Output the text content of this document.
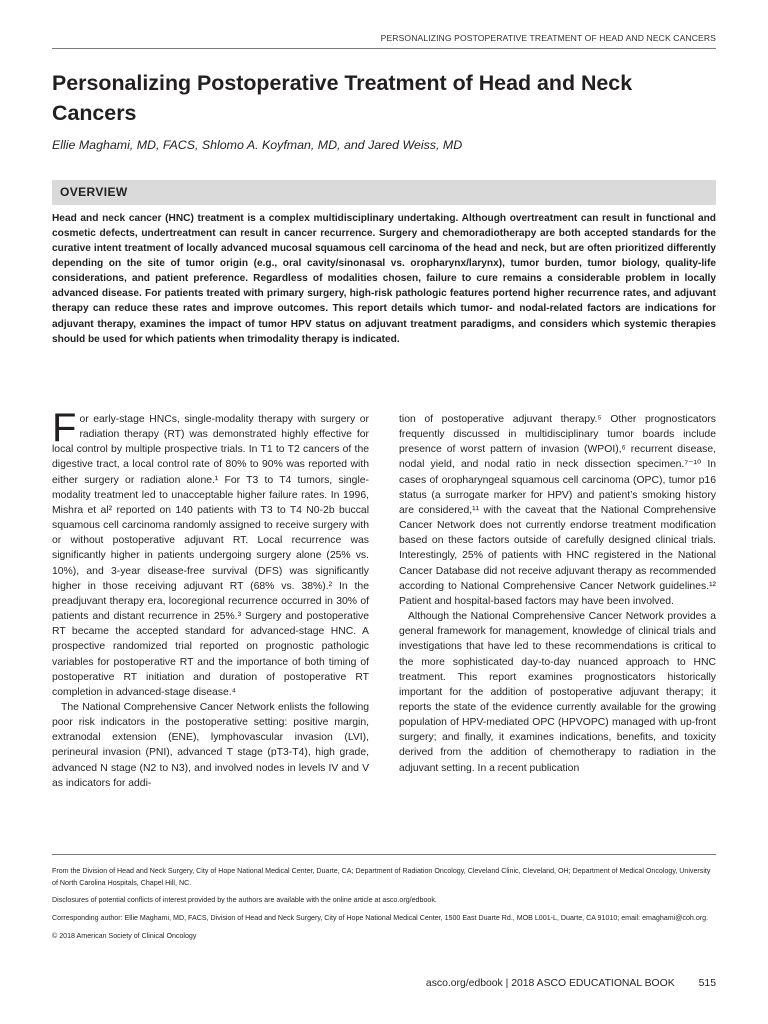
PERSONALIZING POSTOPERATIVE TREATMENT OF HEAD AND NECK CANCERS
Personalizing Postoperative Treatment of Head and Neck Cancers

Ellie Maghami, MD, FACS, Shlomo A. Koyfman, MD, and Jared Weiss, MD

OVERVIEW

Head and neck cancer (HNC) treatment is a complex multidisciplinary undertaking. Although overtreatment can result in functional and cosmetic defects, undertreatment can result in cancer recurrence. Surgery and chemoradiotherapy are both accepted standards for the curative intent treatment of locally advanced mucosal squamous cell carcinoma of the head and neck, but are often prioritized differently depending on the site of tumor origin (e.g., oral cavity/sinonasal vs. oropharynx/larynx), tumor burden, tumor biology, quality-life considerations, and patient preference. Regardless of modalities chosen, failure to cure remains a considerable problem in locally advanced disease. For patients treated with primary surgery, high-risk pathologic features portend higher recurrence rates, and adjuvant therapy can reduce these rates and improve outcomes. This report details which tumor- and nodal-related factors are indications for adjuvant therapy, examines the impact of tumor HPV status on adjuvant treatment paradigms, and considers which systemic therapies should be used for which patients when trimodality therapy is indicated.

For early-stage HNCs, single-modality therapy with surgery or radiation therapy (RT) was demonstrated highly effective for local control by multiple prospective trials. In T1 to T2 cancers of the digestive tract, a local control rate of 80% to 90% was reported with either surgery or radiation alone.¹ For T3 to T4 tumors, single-modality treatment led to unacceptable higher failure rates. In 1996, Mishra et al² reported on 140 patients with T3 to T4 N0-2b buccal squamous cell carcinoma randomly assigned to receive surgery with or without postoperative adjuvant RT. Local recurrence was significantly higher in patients undergoing surgery alone (25% vs. 10%), and 3-year disease-free survival (DFS) was significantly higher in those receiving adjuvant RT (68% vs. 38%).² In the preadjuvant therapy era, locoregional recurrence occurred in 30% of patients and distant recurrence in 25%.³ Surgery and postoperative RT became the accepted standard for advanced-stage HNC. A prospective randomized trial reported on prognostic pathologic variables for postoperative RT and the importance of both timing of postoperative RT initiation and duration of postoperative RT completion in advanced-stage disease.⁴

The National Comprehensive Cancer Network enlists the following poor risk indicators in the postoperative setting: positive margin, extranodal extension (ENE), lymphovascular invasion (LVI), perineural invasion (PNI), advanced T stage (pT3-T4), high grade, advanced N stage (N2 to N3), and involved nodes in levels IV and V as indicators for addi-

tion of postoperative adjuvant therapy.⁵ Other prognosticators frequently discussed in multidisciplinary tumor boards include presence of worst pattern of invasion (WPOI),⁶ recurrent disease, nodal yield, and nodal ratio in neck dissection specimen.⁷⁻¹⁰ In cases of oropharyngeal squamous cell carcinoma (OPC), tumor p16 status (a surrogate marker for HPV) and patient’s smoking history are considered,¹¹ with the caveat that the National Comprehensive Cancer Network does not currently endorse treatment modification based on these factors outside of carefully designed clinical trials. Interestingly, 25% of patients with HNC registered in the National Cancer Database did not receive adjuvant therapy as recommended according to National Comprehensive Cancer Network guidelines.¹² Patient and hospital-based factors may have been involved.

Although the National Comprehensive Cancer Network provides a general framework for management, knowledge of clinical trials and investigations that have led to these recommendations is critical to the more sophisticated day-to-day nuanced approach to HNC treatment. This report examines prognosticators historically important for the addition of postoperative adjuvant therapy; it reports the state of the evidence currently available for the growing population of HPV-mediated OPC (HPVOPC) managed with up-front surgery; and finally, it examines indications, benefits, and toxicity derived from the addition of chemotherapy to radiation in the adjuvant setting. In a recent publication

From the Division of Head and Neck Surgery, City of Hope National Medical Center, Duarte, CA; Department of Radiation Oncology, Cleveland Clinic, Cleveland, OH; Department of Medical Oncology, University of North Carolina Hospitals, Chapel Hill, NC.

Disclosures of potential conflicts of interest provided by the authors are available with the online article at asco.org/edbook.

Corresponding author: Ellie Maghami, MD, FACS, Division of Head and Neck Surgery, City of Hope National Medical Center, 1500 East Duarte Rd., MOB L001-L, Duarte, CA 91010; email: emaghami@coh.org.

© 2018 American Society of Clinical Oncology

asco.org/edbook | 2018 ASCO EDUCATIONAL BOOK 515
